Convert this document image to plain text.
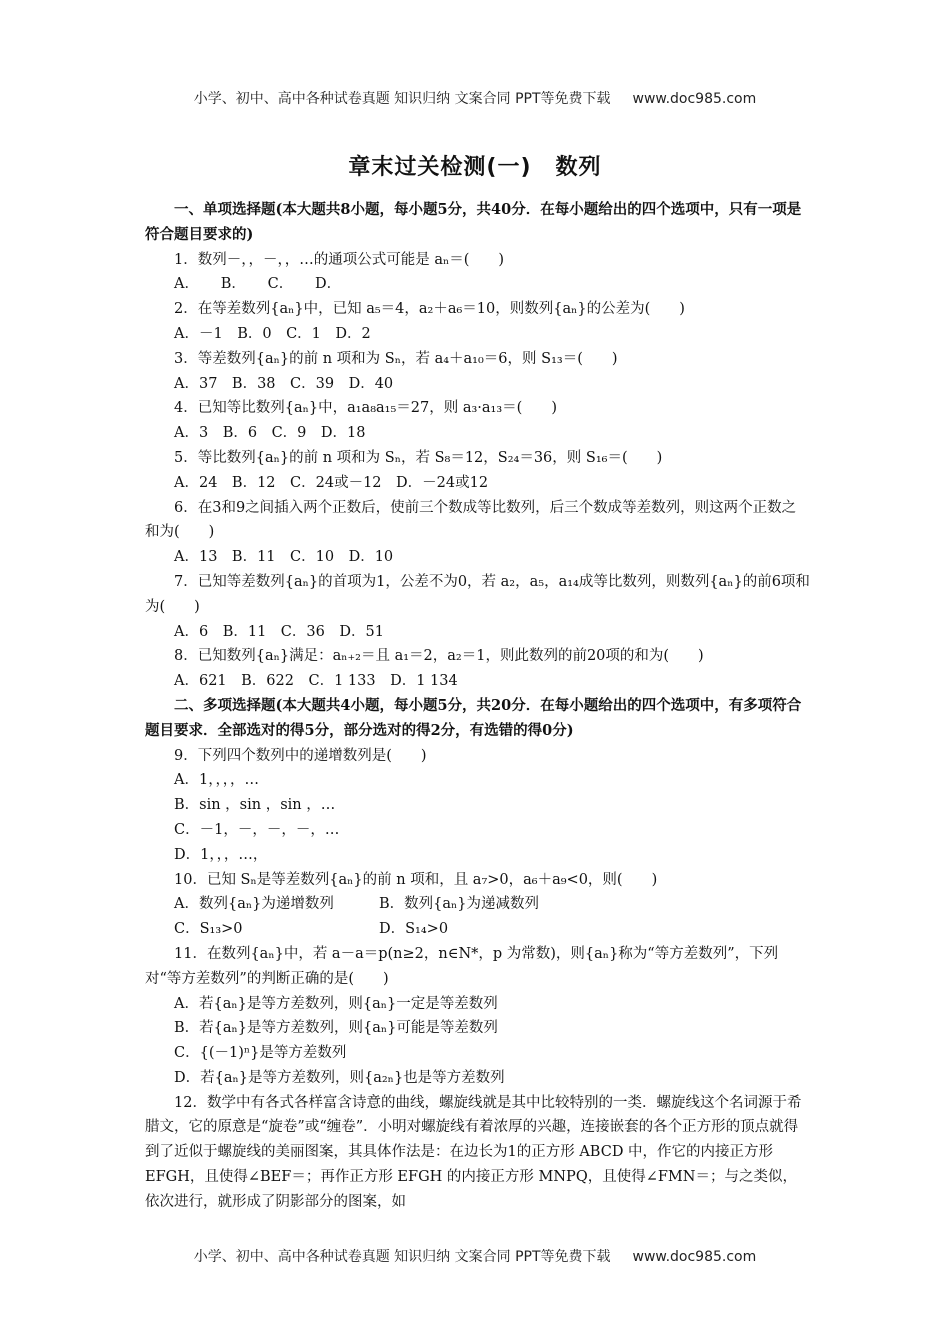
小学、初中、高中各种试卷真题 知识归纳 文案合同 PPT等免费下载 www.doc985.com
章末过关检测(一) 数列

一、单项选择题(本大题共8小题，每小题5分，共40分．在每小题给出的四个选项中，只有一项是符合题目要求的)

1．数列－，，－，，…的通项公式可能是 aₙ＝(　　)

A．　　B．　　C．　　D．

2．在等差数列{aₙ}中，已知 a₅＝4，a₂＋a₆＝10，则数列{aₙ}的公差为(　　)

A．－1　B．0　C．1　D．2

3．等差数列{aₙ}的前 n 项和为 Sₙ，若 a₄＋a₁₀＝6，则 S₁₃＝(　　)

A．37　B．38　C．39　D．40

4．已知等比数列{aₙ}中，a₁a₈a₁₅＝27，则 a₃·a₁₃＝(　　)

A．3　B．6　C．9　D．18

5．等比数列{aₙ}的前 n 项和为 Sₙ，若 S₈＝12，S₂₄＝36，则 S₁₆＝(　　)

A．24　B．12　C．24或－12　D．－24或12

6．在3和9之间插入两个正数后，使前三个数成等比数列，后三个数成等差数列，则这两个正数之和为(　　)

A．13　B．11　C．10　D．10

7．已知等差数列{aₙ}的首项为1，公差不为0，若 a₂，a₅，a₁₄成等比数列，则数列{aₙ}的前6项和为(　　)

A．6　B．11　C．36　D．51

8．已知数列{aₙ}满足：aₙ₊₂＝且 a₁＝2，a₂＝1，则此数列的前20项的和为(　　)

A．621　B．622　C．1 133　D．1 134

二、多项选择题(本大题共4小题，每小题5分，共20分．在每小题给出的四个选项中，有多项符合题目要求．全部选对的得5分，部分选对的得2分，有选错的得0分)

9．下列四个数列中的递增数列是(　　)

A．1，，，，…

B．sin ，sin ，sin ，…

C．－1，－，－，－，…

D．1，，，…，

10．已知 Sₙ是等差数列{aₙ}的前 n 项和，且 a₇>0，a₆＋a₉<0，则(　　)

A．数列{aₙ}为递增数列	B．数列{aₙ}为递减数列
C．S₁₃>0	D．S₁₄>0

11．在数列{aₙ}中，若 a－a＝p(n≥2，n∈N*，p 为常数)，则{aₙ}称为“等方差数列”，下列对“等方差数列”的判断正确的是(　　)

A．若{aₙ}是等方差数列，则{aₙ}一定是等差数列

B．若{aₙ}是等方差数列，则{aₙ}可能是等差数列

C．{(－1)ⁿ}是等方差数列

D．若{aₙ}是等方差数列，则{a₂ₙ}也是等方差数列

12．数学中有各式各样富含诗意的曲线，螺旋线就是其中比较特别的一类．螺旋线这个名词源于希腊文，它的原意是“旋卷”或“缠卷”．小明对螺旋线有着浓厚的兴趣，连接嵌套的各个正方形的顶点就得到了近似于螺旋线的美丽图案，其具体作法是：在边长为1的正方形 ABCD 中，作它的内接正方形 EFGH，且使得∠BEF＝；再作正方形 EFGH 的内接正方形 MNPQ，且使得∠FMN＝；与之类似，依次进行，就形成了阴影部分的图案，如

小学、初中、高中各种试卷真题 知识归纳 文案合同 PPT等免费下载 www.doc985.com
